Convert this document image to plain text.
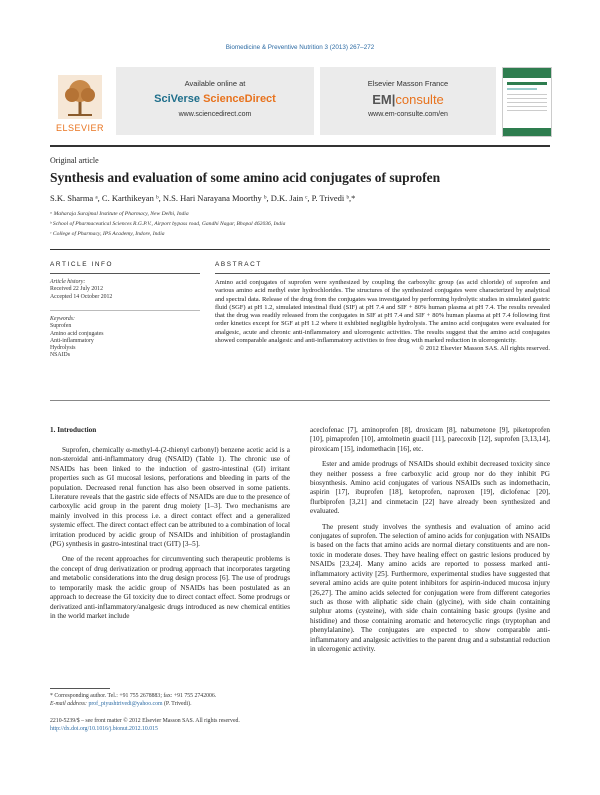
Biomedicine & Preventive Nutrition 3 (2013) 267–272
ELSEVIER
Available online at
SciVerse ScienceDirect
www.sciencedirect.com
Elsevier Masson France
EM|consulte
www.em-consulte.com/en
Original article
Synthesis and evaluation of some amino acid conjugates of suprofen
S.K. Sharma ᵃ, C. Karthikeyan ᵇ, N.S. Hari Narayana Moorthy ᵇ, D.K. Jain ᶜ, P. Trivedi ᵇ,*
ᵃ Maharaja Surajmal Institute of Pharmacy, New Delhi, India
ᵇ School of Pharmaceutical Sciences R.G.P.V., Airport bypass road, Gandhi Nagar, Bhopal 462036, India
ᶜ College of Pharmacy, IPS Academy, Indore, India
ARTICLE INFO	ABSTRACT
Article history:
Received 22 July 2012
Accepted 14 October 2012
Keywords:
Suprofen
Amino acid conjugates
Anti-inflammatory
Hydrolysis
NSAIDs
Amino acid conjugates of suprofen were synthesized by coupling the carboxylic group (as acid chloride) of suprofen and various amino acid methyl ester hydrochlorides. The structures of the synthesized conjugates were characterized by analytical and spectral data. Release of the drug from the conjugates was investigated by performing hydrolytic studies in simulated gastric fluid (SGF) at pH 1.2, simulated intestinal fluid (SIF) at pH 7.4 and SIF + 80% human plasma at pH 7.4. The results revealed that the drug was readily released from the conjugates in SIF at pH 7.4 and SIF + 80% human plasma at pH 7.4 following first order kinetics except for SGF at pH 1.2 where it exhibited negligible hydrolysis. The amino acid conjugates were evaluated for analgesic, acute and chronic anti-inflammatory and ulcerogenic activities. The results suggest that the amino acid conjugates showed comparable analgesic and anti-inflammatory activities to free drug with marked reduction in ulcerogenicity.
© 2012 Elsevier Masson SAS. All rights reserved.
1. Introduction

Suprofen, chemically α-methyl-4-(2-thienyl carbonyl) benzene acetic acid is a non-steroidal anti-inflammatory drug (NSAID) (Table 1). The chronic use of NSAIDs has been linked to the induction of gastro-intestinal (GI) irritant properties such as GI mucosal lesions, perforations and bleeding in parts of the population. Decreased renal function has also been observed in some patients. Literature reveals that the gastric side effects of NSAIDs are due to the presence of carboxylic acid group in the parent drug moiety [1–3]. Two mechanisms are mainly involved in this process i.e. a direct contact effect and a generalized systemic effect. The direct contact effect can be attributed to a combination of local irritation produced by acidic group of NSAIDs and inhibition of prostaglandin (PG) synthesis in gastro-intestinal tract (GIT) [3–5].

One of the recent approaches for circumventing such therapeutic problems is the concept of drug derivatization or prodrug approach that incorporates targeting and metabolic considerations into the drug design process [6]. The use of prodrugs to temporarily mask the acidic group of NSAIDs has been postulated as an approach to decrease the GI toxicity due to direct contact effect. Some prodrugs or derivatized anti-inflammatory/analgesic drugs introduced as new chemical entities in the world market include

aceclofenac [7], aminoprofen [8], droxicam [8], nabumetone [9], piketoprofen [10], pimaprofen [10], amtolmetin guacil [11], parecoxib [12], suprofen [3,13,14], piroxicam [15], indomethacin [16], etc.

Ester and amide prodrugs of NSAIDs should exhibit decreased toxicity since they neither possess a free carboxylic acid group nor do they inhibit PG biosynthesis. Amino acid conjugates of various NSAIDs such as indomethacin, aspirin [17], ibuprofen [18], ketoprofen, naproxen [19], diclofenac [20], flurbiprofen [3,21] and cinmetacin [22] have already been synthesized and evaluated.

The present study involves the synthesis and evaluation of amino acid conjugates of suprofen. The selection of amino acids for conjugation with NSAIDs is based on the facts that amino acids are normal dietary constituents and are non-toxic in moderate doses. They have healing effect on gastric lesions produced by NSAIDs [23,24]. Many amino acids are reported to possess marked anti-inflammatory activity [25]. Furthermore, experimental studies have suggested that several amino acids are quite potent inhibitors for aspirin-induced mucosa injury [26,27]. The amino acids selected for conjugation were from different categories such as those with aliphatic side chain (glycine), with side chain containing sulphur atoms (cysteine), with side chain containing basic groups (lysine and histidine) and those containing aromatic and heterocyclic rings (tryptophan and phenylalanine). The conjugates are expected to show comparable anti-inflammatory and analgesic activities to the parent drug and a substantial reduction in ulcerogenic activity.

* Corresponding author. Tel.: +91 755 2678883; fax: +91 755 2742006.
E-mail address: prof_piyushtrivedi@yahoo.com (P. Trivedi).
2210-5239/$ – see front matter © 2012 Elsevier Masson SAS. All rights reserved.
http://dx.doi.org/10.1016/j.bionut.2012.10.015
